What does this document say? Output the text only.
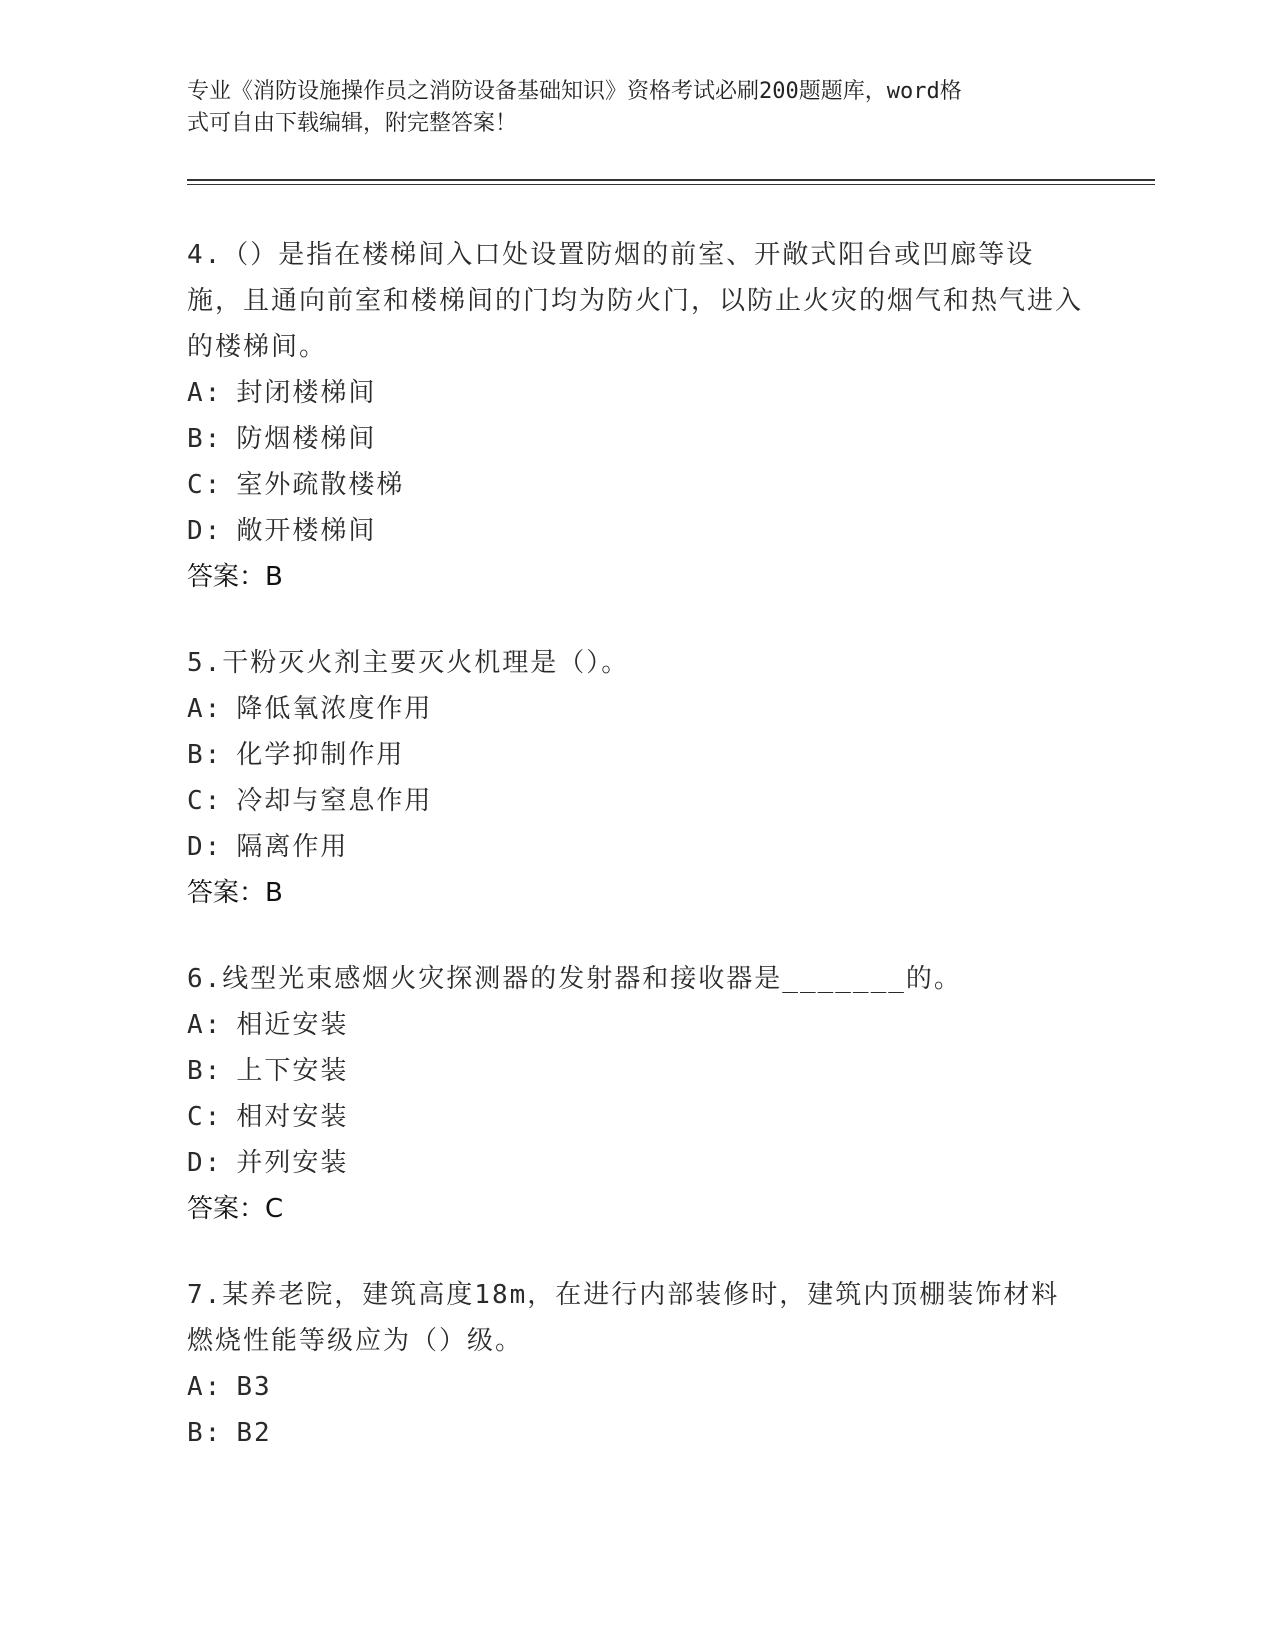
专业《消防设施操作员之消防设备基础知识》资格考试必刷200题题库，word格
式可自由下载编辑，附完整答案！

4.（）是指在楼梯间入口处设置防烟的前室、开敞式阳台或凹廊等设施，且通向前室和楼梯间的门均为防火门，以防止火灾的烟气和热气进入的楼梯间。

A: 封闭楼梯间
B: 防烟楼梯间
C: 室外疏散楼梯
D: 敞开楼梯间

答案：B

5.干粉灭火剂主要灭火机理是（）。

A: 降低氧浓度作用
B: 化学抑制作用
C: 冷却与窒息作用
D: 隔离作用

答案：B

6.线型光束感烟火灾探测器的发射器和接收器是_______的。

A: 相近安装
B: 上下安装
C: 相对安装
D: 并列安装

答案：C

7.某养老院，建筑高度18m，在进行内部装修时，建筑内顶棚装饰材料燃烧性能等级应为（）级。

A: B3
B: B2
